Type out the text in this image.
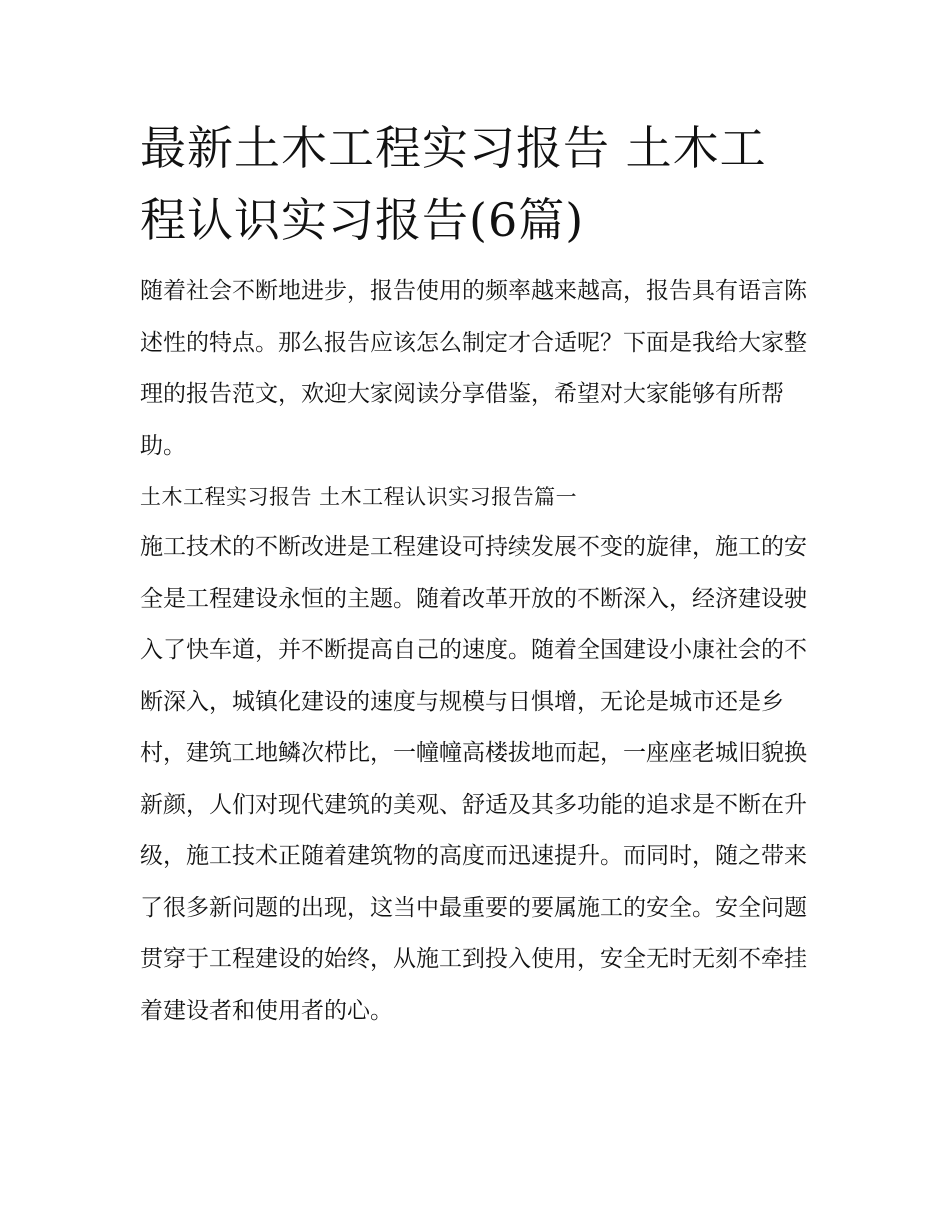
最新土木工程实习报告 土木工程认识实习报告(6篇)

随着社会不断地进步，报告使用的频率越来越高，报告具有语言陈述性的特点。那么报告应该怎么制定才合适呢？下面是我给大家整理的报告范文，欢迎大家阅读分享借鉴，希望对大家能够有所帮助。

土木工程实习报告 土木工程认识实习报告篇一

施工技术的不断改进是工程建设可持续发展不变的旋律，施工的安全是工程建设永恒的主题。随着改革开放的不断深入，经济建设驶入了快车道，并不断提高自己的速度。随着全国建设小康社会的不断深入，城镇化建设的速度与规模与日惧增，无论是城市还是乡村，建筑工地鳞次栉比，一幢幢高楼拔地而起，一座座老城旧貌换新颜，人们对现代建筑的美观、舒适及其多功能的追求是不断在升级，施工技术正随着建筑物的高度而迅速提升。而同时，随之带来了很多新问题的出现，这当中最重要的要属施工的安全。安全问题贯穿于工程建设的始终，从施工到投入使用，安全无时无刻不牵挂着建设者和使用者的心。
